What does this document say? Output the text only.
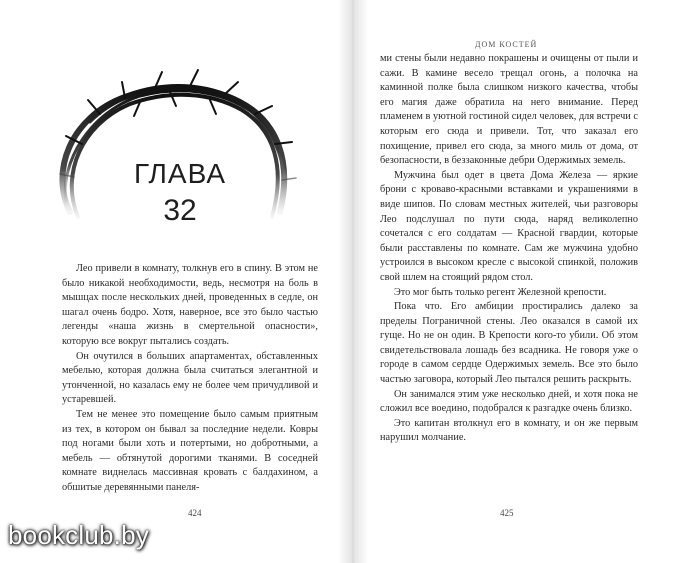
ГЛАВА
32

Лео привели в комнату, толкнув его в спину. В этом не было никакой необходимости, ведь, несмотря на боль в мышцах после нескольких дней, проведенных в седле, он шагал очень бодро. Хотя, наверное, все это было частью легенды «наша жизнь в смертельной опасности», которую все вокруг пытались создать.

Он очутился в больших апартаментах, обставленных мебелью, которая должна была считаться элегантной и утонченной, но казалась ему не более чем причудливой и устаревшей.

Тем не менее это помещение было самым приятным из тех, в котором он бывал за последние недели. Ковры под ногами были хоть и потертыми, но добротными, а мебель — обтянутой дорогими тканями. В соседней комнате виднелась массивная кровать с балдахином, а обшитые деревянными панеля-

424
ДОМ КОСТЕЙ

ми стены были недавно покрашены и очищены от пыли и сажи. В камине весело трещал огонь, а полочка на каминной полке была слишком низкого качества, чтобы его магия даже обратила на него внимание. Перед пламенем в уютной гостиной сидел человек, для встречи с которым его сюда и привели. Тот, что заказал его похищение, привел его сюда, за много миль от дома, от безопасности, в беззаконные дебри Одержимых земель.

Мужчина был одет в цвета Дома Железа — яркие брони с кроваво-красными вставками и украшениями в виде шипов. По словам местных жителей, чьи разговоры Лео подслушал по пути сюда, наряд великолепно сочетался с его солдатам — Красной гвардии, которые были расставлены по комнате. Сам же мужчина удобно устроился в высоком кресле с высокой спинкой, положив свой шлем на стоящий рядом стол.

Это мог быть только регент Железной крепости.

Пока что. Его амбиции простирались далеко за пределы Пограничной стены. Лео оказался в самой их гуще. Но не он один. В Крепости кого-то убили. Об этом свидетельствовала лошадь без всадника. Не говоря уже о городе в самом сердце Одержимых земель. Все это было частью заговора, который Лео пытался решить раскрыть.

Он занимался этим уже несколько дней, и хотя пока не сложил все воедино, подобрался к разгадке очень близко.

Это капитан втолкнул его в комнату, и он же первым нарушил молчание.

425
bookclub.by
